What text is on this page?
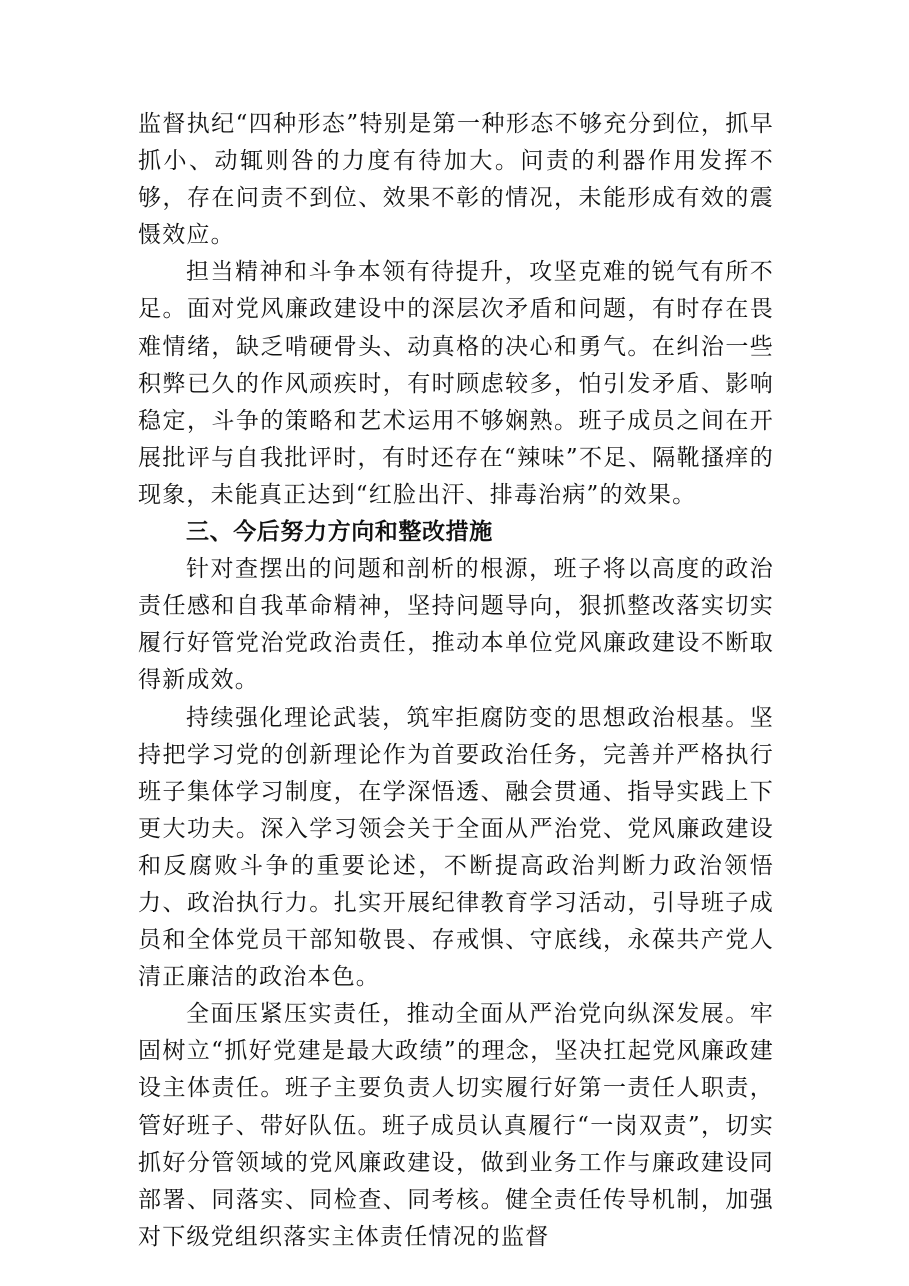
监督执纪“四种形态”特别是第一种形态不够充分到位，抓早抓小、动辄则咎的力度有待加大。问责的利器作用发挥不够，存在问责不到位、效果不彰的情况，未能形成有效的震慑效应。

担当精神和斗争本领有待提升，攻坚克难的锐气有所不足。面对党风廉政建设中的深层次矛盾和问题，有时存在畏难情绪，缺乏啃硬骨头、动真格的决心和勇气。在纠治一些积弊已久的作风顽疾时，有时顾虑较多，怕引发矛盾、影响稳定，斗争的策略和艺术运用不够娴熟。班子成员之间在开展批评与自我批评时，有时还存在“辣味”不足、隔靴搔痒的现象，未能真正达到“红脸出汗、排毒治病”的效果。

三、今后努力方向和整改措施

针对查摆出的问题和剖析的根源，班子将以高度的政治责任感和自我革命精神，坚持问题导向，狠抓整改落实切实履行好管党治党政治责任，推动本单位党风廉政建设不断取得新成效。

持续强化理论武装，筑牢拒腐防变的思想政治根基。坚持把学习党的创新理论作为首要政治任务，完善并严格执行班子集体学习制度，在学深悟透、融会贯通、指导实践上下更大功夫。深入学习领会关于全面从严治党、党风廉政建设和反腐败斗争的重要论述，不断提高政治判断力政治领悟力、政治执行力。扎实开展纪律教育学习活动，引导班子成员和全体党员干部知敬畏、存戒惧、守底线，永葆共产党人清正廉洁的政治本色。

全面压紧压实责任，推动全面从严治党向纵深发展。牢固树立“抓好党建是最大政绩”的理念，坚决扛起党风廉政建设主体责任。班子主要负责人切实履行好第一责任人职责，管好班子、带好队伍。班子成员认真履行“一岗双责”，切实抓好分管领域的党风廉政建设，做到业务工作与廉政建设同部署、同落实、同检查、同考核。健全责任传导机制，加强对下级党组织落实主体责任情况的监督
